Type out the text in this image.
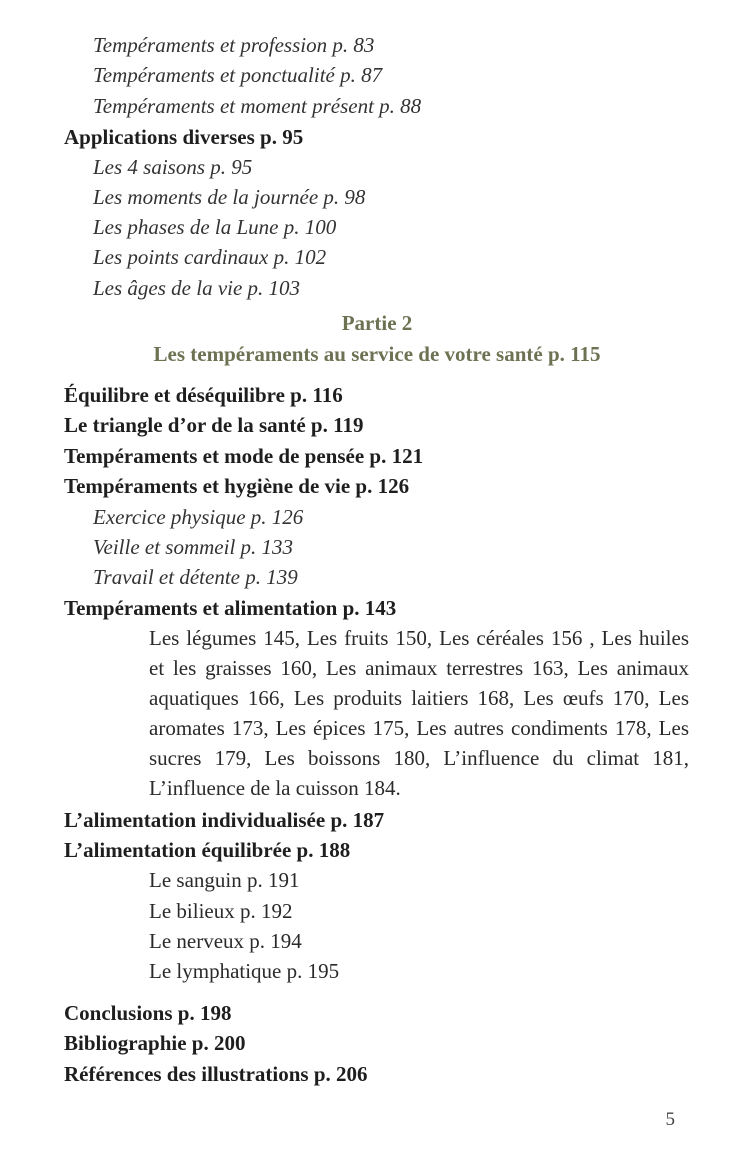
Tempéraments et profession p. 83
Tempéraments et ponctualité p. 87
Tempéraments et moment présent p. 88
Applications diverses p. 95
Les 4 saisons p. 95
Les moments de la journée p. 98
Les phases de la Lune p. 100
Les points cardinaux p. 102
Les âges de la vie p. 103
Partie 2
Les tempéraments au service de votre santé p. 115
Équilibre et déséquilibre p. 116
Le triangle d’or de la santé p. 119
Tempéraments et mode de pensée p. 121
Tempéraments et hygiène de vie p. 126
Exercice physique p. 126
Veille et sommeil p. 133
Travail et détente p. 139
Tempéraments et alimentation p. 143
Les légumes 145, Les fruits 150, Les céréales 156 , Les huiles et les graisses 160, Les animaux terrestres 163, Les animaux aquatiques 166, Les produits laitiers 168, Les œufs 170, Les aromates 173, Les épices 175, Les autres condiments 178, Les sucres 179, Les boissons 180, L’influence du climat 181, L’influence de la cuisson 184.
L’alimentation individualisée p. 187
L’alimentation équilibrée p. 188
Le sanguin p. 191
Le bilieux p. 192
Le nerveux p. 194
Le lymphatique p. 195
Conclusions p. 198
Bibliographie p. 200
Références des illustrations p. 206
5
